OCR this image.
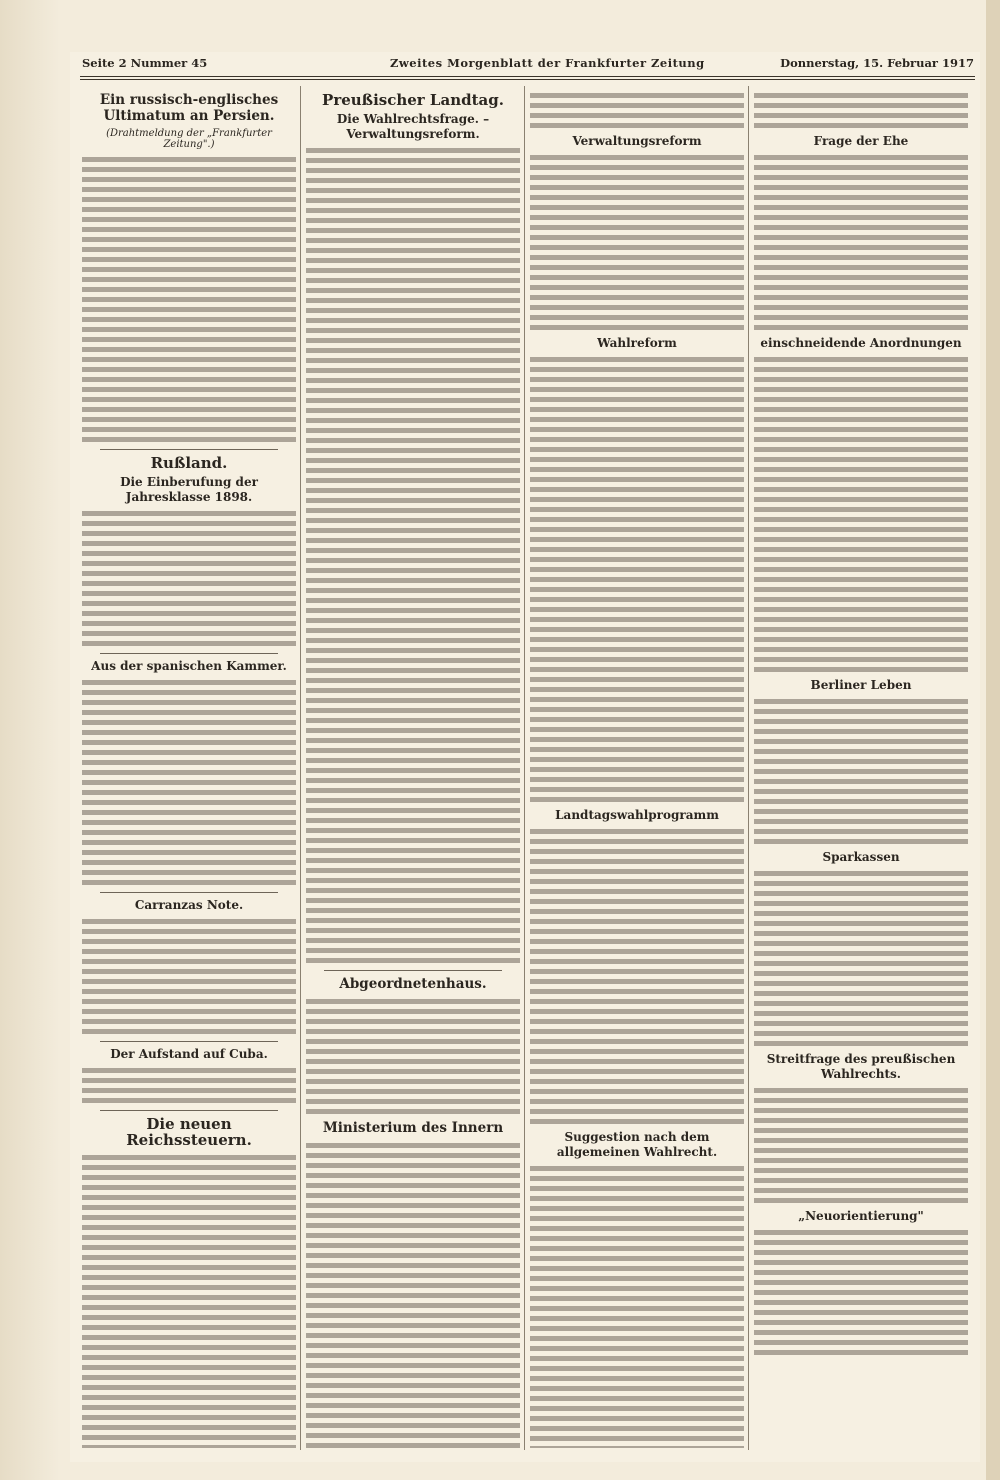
Seite 2 Nummer 45	Zweites Morgenblatt der Frankfurter Zeitung	Donnerstag, 15. Februar 1917
Ein russisch-englisches Ultimatum an Persien.
(Drahtmeldung der „Frankfurter Zeitung".)
Rußland.
Die Einberufung der Jahresklasse 1898.
Aus der spanischen Kammer.
Carranzas Note.
Der Aufstand auf Cuba.
Die neuen Reichssteuern.
Preußischer Landtag.
Die Wahlrechtsfrage. – Verwaltungsreform.
Abgeordnetenhaus.
Ministerium des Innern
Verwaltungsreform
Wahlreform
Landtagswahlprogramm
Suggestion nach dem allgemeinen Wahlrecht.
Frage der Ehe
einschneidende Anordnungen
Berliner Leben
Sparkassen
Streitfrage des preußischen Wahlrechts.
„Neuorientierung"
